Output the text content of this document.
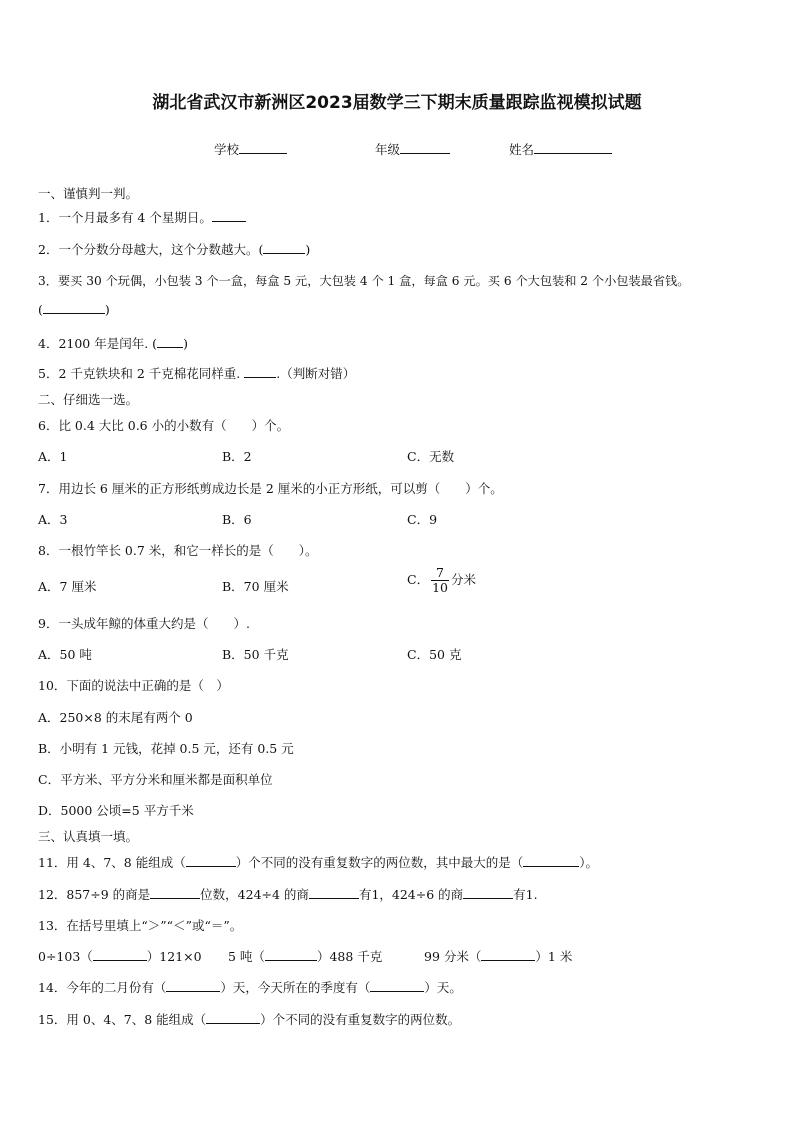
湖北省武汉市新洲区2023届数学三下期末质量跟踪监视模拟试题
学校	年级	姓名
一、谨慎判一判。
1．一个月最多有 4 个星期日。
2．一个分数分母越大，这个分数越大。(	)
3．要买 30 个玩偶，小包装 3 个一盒，每盒 5 元，大包装 4 个 1 盒，每盒 6 元。买 6 个大包装和 2 个小包装最省钱。
(	)
4．2100 年是闰年. ( )
5．2 千克铁块和 2 千克棉花同样重.	.（判断对错）
二、仔细选一选。
6．比 0.4 大比 0.6 小的小数有（　　）个。
A．1	B．2	C．无数
7．用边长 6 厘米的正方形纸剪成边长是 2 厘米的小正方形纸，可以剪（　　）个。
A．3	B．6	C．9
8．一根竹竿长 0.7 米，和它一样长的是（　　）。
A．7 厘米	B．70 厘米	C． $\frac{7}{10}$ 分米
9．一头成年鲸的体重大约是（　　）.
A．50 吨	B．50 千克	C．50 克
10．下面的说法中正确的是（　）
A．250×8 的末尾有两个 0
B．小明有 1 元钱，花掉 0.5 元，还有 0.5 元
C．平方米、平方分米和厘米都是面积单位
D．5000 公顷=5 平方千米
三、认真填一填。
11．用 4、7、8 能组成（	）个不同的没有重复数字的两位数，其中最大的是（	）。
12．857÷9 的商是	位数，424÷4 的商	有1，424÷6 的商	有1.
13．在括号里填上“＞”“＜”或“＝”。
0÷103（	）121×0 5 吨（	）488 千克	99 分米（	）1 米
14．今年的二月份有（	）天，今天所在的季度有（	）天。
15．用 0、4、7、8 能组成（	）个不同的没有重复数字的两位数。
